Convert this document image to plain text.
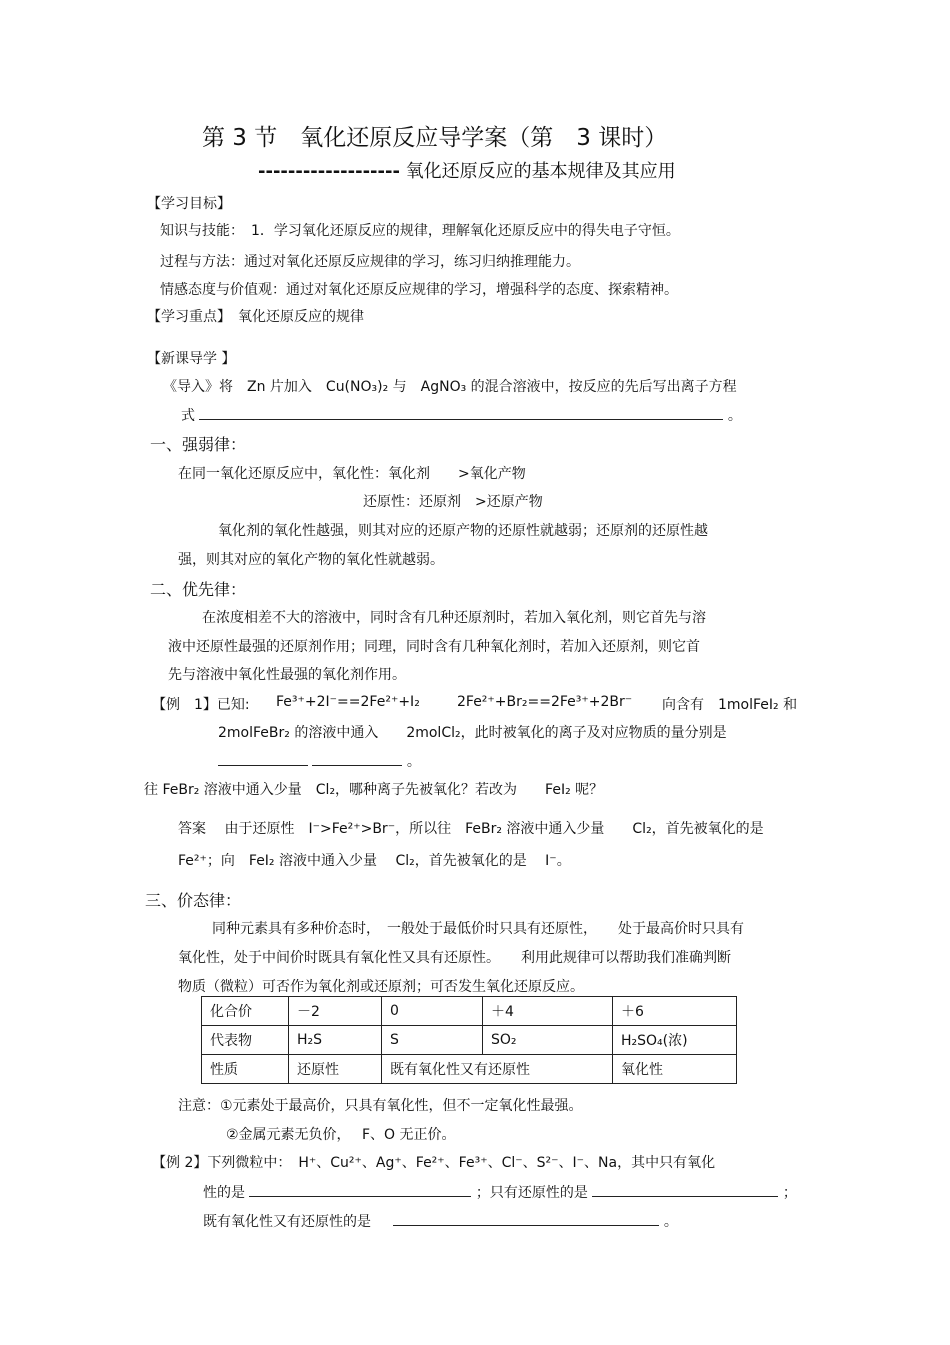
第 3 节　氧化还原反应导学案（第　3 课时）
------------------- 氧化还原反应的基本规律及其应用
【学习目标】
知识与技能：　1．学习氧化还原反应的规律，理解氧化还原反应中的得失电子守恒。
过程与方法：通过对氧化还原反应规律的学习，练习归纳推理能力。
情感态度与价值观：通过对氧化还原反应规律的学习，增强科学的态度、探索精神。
【学习重点】　氧化还原反应的规律
【新课导学 】
《导入》将　Zn 片加入　Cu(NO₃)₂ 与　AgNO₃ 的混合溶液中，按反应的先后写出离子方程
式	。
一、强弱律：
在同一氧化还原反应中，氧化性：氧化剂　　>氧化产物
还原性：还原剂　>还原产物
氧化剂的氧化性越强，则其对应的还原产物的还原性就越弱；还原剂的还原性越
强，则其对应的氧化产物的氧化性就越弱。
二、优先律：
在浓度相差不大的溶液中，同时含有几种还原剂时，若加入氧化剂，则它首先与溶
液中还原性最强的还原剂作用；同理，同时含有几种氧化剂时，若加入还原剂，则它首
先与溶液中氧化性最强的氧化剂作用。
【例　1】已知: Fe³⁺+2I⁻==2Fe²⁺+I₂	2Fe²⁺+Br₂==2Fe³⁺+2Br⁻ 向含有　1molFeI₂ 和
2molFeBr₂ 的溶液中通入　　2molCl₂，此时被氧化的离子及对应物质的量分别是
。
往 FeBr₂ 溶液中通入少量　Cl₂，哪种离子先被氧化？若改为　　FeI₂ 呢？
答案　 由于还原性　I⁻>Fe²⁺>Br⁻，所以往　FeBr₂ 溶液中通入少量　　Cl₂，首先被氧化的是
Fe²⁺；向　FeI₂ 溶液中通入少量　 Cl₂，首先被氧化的是　 I⁻。
三、价态律：
同种元素具有多种价态时，　一般处于最低价时只具有还原性，　　处于最高价时只具有
氧化性，处于中间价时既具有氧化性又具有还原性。　　利用此规律可以帮助我们准确判断
物质（微粒）可否作为氧化剂或还原剂；可否发生氧化还原反应。
化合价	－2	0	＋4	＋6
代表物	H₂S	S	SO₂	H₂SO₄(浓)
性质	还原性	既有氧化性又有还原性		氧化性
注意：①元素处于最高价，只具有氧化性，但不一定氧化性最强。
②金属元素无负价，　 F、O 无正价。
【例 2】下列微粒中：　H⁺、Cu²⁺、Ag⁺、Fe²⁺、Fe³⁺、Cl⁻、S²⁻、I⁻、Na，其中只有氧化
性的是	；只有还原性的是	；
既有氧化性又有还原性的是	。
